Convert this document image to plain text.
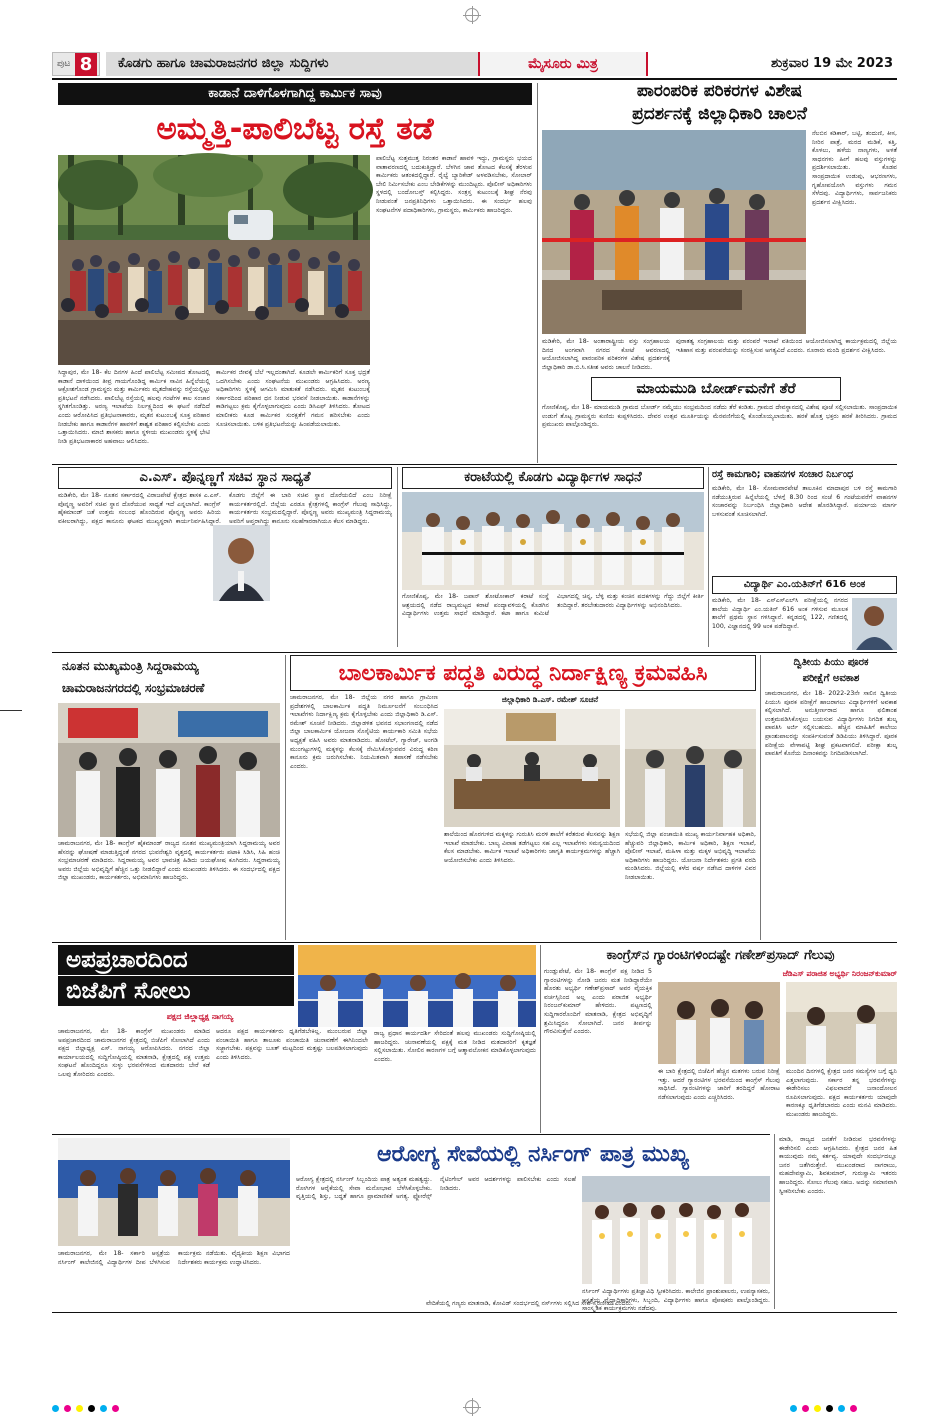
ಪುಟ 8	ಕೊಡಗು ಹಾಗೂ ಚಾಮರಾಜನಗರ ಜಿಲ್ಲಾ ಸುದ್ದಿಗಳು	ಮೈಸೂರು ಮಿತ್ರ	ಶುಕ್ರವಾರ 19 ಮೇ 2023
ಕಾಡಾನೆ ದಾಳಿಗೊಳಗಾಗಿದ್ದ ಕಾರ್ಮಿಕ ಸಾವು
ಅಮ್ಮತ್ತಿ-ಪಾಲಿಬೆಟ್ಟ ರಸ್ತೆ ತಡೆ
ಸಿದ್ದಾಪುರ, ಮೇ 18- ಕೆಲ ದಿನಗಳ ಹಿಂದೆ ಪಾಲಿಬೆಟ್ಟ ಸಮೀಪದ ತೋಟದಲ್ಲಿ ಕಾಡಾನೆ ದಾಳಿಯಿಂದ ತೀವ್ರ ಗಾಯಗೊಂಡಿದ್ದ ಕಾರ್ಮಿಕ ಸಾವಿನ ಹಿನ್ನೆಲೆಯಲ್ಲಿ ಆಕ್ರೋಶಗೊಂಡ ಗ್ರಾಮಸ್ಥರು ಮತ್ತು ಕಾರ್ಮಿಕರು ಮೃತದೇಹವನ್ನು ರಸ್ತೆಯಲ್ಲಿಟ್ಟು ಪ್ರತಿಭಟನೆ ನಡೆಸಿದರು. ಪಾಲಿಬೆಟ್ಟ ರಸ್ತೆಯಲ್ಲಿ ಹಲವು ಗಂಟೆಗಳ ಕಾಲ ಸಂಚಾರ ಸ್ಥಗಿತಗೊಂಡಿತ್ತು. ಅರಣ್ಯ ಇಲಾಖೆಯ ನಿರ್ಲಕ್ಷ್ಯದಿಂದ ಈ ಘಟನೆ ನಡೆದಿದೆ ಎಂದು ಆರೋಪಿಸಿದ ಪ್ರತಿಭಟನಾಕಾರರು, ಮೃತನ ಕುಟುಂಬಕ್ಕೆ ಸೂಕ್ತ ಪರಿಹಾರ ನೀಡಬೇಕು ಹಾಗೂ ಕಾಡಾನೆಗಳ ಹಾವಳಿಗೆ ಶಾಶ್ವತ ಪರಿಹಾರ ಕಲ್ಪಿಸಬೇಕು ಎಂದು ಒತ್ತಾಯಿಸಿದರು. ಮಾಜಿ ಶಾಸಕರು ಹಾಗೂ ಸ್ಥಳೀಯ ಮುಖಂಡರು ಸ್ಥಳಕ್ಕೆ ಭೇಟಿ ನೀಡಿ ಪ್ರತಿಭಟನಾಕಾರರ ಅಹವಾಲು ಆಲಿಸಿದರು.
ಕಾರ್ಮಿಕರ ಜೀವಕ್ಕೆ ಬೆಲೆ ಇಲ್ಲದಂತಾಗಿದೆ. ಕೂಡಲೇ ಕಾರ್ಮಿಕರಿಗೆ ಸೂಕ್ತ ಭದ್ರತೆ ಒದಗಿಸಬೇಕು ಎಂದು ಸಂಘಟನೆಯ ಮುಖಂಡರು ಆಗ್ರಹಿಸಿದರು. ಅರಣ್ಯ ಅಧಿಕಾರಿಗಳು ಸ್ಥಳಕ್ಕೆ ಆಗಮಿಸಿ ಮಾತುಕತೆ ನಡೆಸಿದರು. ಮೃತನ ಕುಟುಂಬಕ್ಕೆ ಸರ್ಕಾರದಿಂದ ಪರಿಹಾರ ಧನ ನೀಡುವ ಭರವಸೆ ನೀಡಲಾಯಿತು. ಕಾಡಾನೆಗಳನ್ನು ಕಾಡಿಗಟ್ಟಲು ಕ್ರಮ ಕೈಗೊಳ್ಳಲಾಗುವುದು ಎಂದು ಡಿಸಿಎಫ್ ತಿಳಿಸಿದರು. ತೋಟದ ಮಾಲೀಕರು ಕೂಡ ಕಾರ್ಮಿಕರ ಸುರಕ್ಷತೆಗೆ ಗಮನ ಹರಿಸಬೇಕು ಎಂದು ಸೂಚಿಸಲಾಯಿತು. ಬಳಿಕ ಪ್ರತಿಭಟನೆಯನ್ನು ಹಿಂಪಡೆಯಲಾಯಿತು.
ಪಾಲಿಬೆಟ್ಟ ಸುತ್ತಮುತ್ತ ನಿರಂತರ ಕಾಡಾನೆ ಹಾವಳಿ ಇದ್ದು, ಗ್ರಾಮಸ್ಥರು ಭಯದ ವಾತಾವರಣದಲ್ಲಿ ಬದುಕುತ್ತಿದ್ದಾರೆ. ಬೆಳಗಿನ ಜಾವ ತೋಟದ ಕೆಲಸಕ್ಕೆ ತೆರಳುವ ಕಾರ್ಮಿಕರು ಆತಂಕದಲ್ಲಿದ್ದಾರೆ. ರೈಲ್ವೆ ಬ್ಯಾರಿಕೇಡ್ ಅಳವಡಿಸಬೇಕು, ಸೋಲಾರ್ ಬೇಲಿ ನಿರ್ಮಿಸಬೇಕು ಎಂಬ ಬೇಡಿಕೆಗಳನ್ನು ಮುಂದಿಟ್ಟರು. ಪೊಲೀಸ್ ಅಧಿಕಾರಿಗಳು ಸ್ಥಳದಲ್ಲಿ ಬಂದೋಬಸ್ತ್ ಕಲ್ಪಿಸಿದ್ದರು. ಸಂತ್ರಸ್ತ ಕುಟುಂಬಕ್ಕೆ ಶೀಘ್ರ ನೆರವು ನೀಡುವಂತೆ ಜನಪ್ರತಿನಿಧಿಗಳು ಒತ್ತಾಯಿಸಿದರು. ಈ ಸಂದರ್ಭ ಹಲವು ಸಂಘಟನೆಗಳ ಪದಾಧಿಕಾರಿಗಳು, ಗ್ರಾಮಸ್ಥರು, ಕಾರ್ಮಿಕರು ಹಾಜರಿದ್ದರು.
ಪಾರಂಪರಿಕ ಪರಿಕರಗಳ ವಿಶೇಷ
ಪ್ರದರ್ಶನಕ್ಕೆ ಜಿಲ್ಲಾಧಿಕಾರಿ ಚಾಲನೆ
ನೆಲಬಿನ ಕಡಿಕಾರ್, ಬಟ್ಟಿ, ತಂದುಣಿ, ಕೀಸ, ನೀರಿನ ಪಾತ್ರೆ, ಮರದ ಮಡಿಕೆ, ಕತ್ತಿ, ಕೊಳಲು, ಹಳೆಯ ನಾಣ್ಯಗಳು, ಅಳತೆ ಸಾಧನಗಳು ಹೀಗೆ ಹಲವು ವಸ್ತುಗಳನ್ನು ಪ್ರದರ್ಶಿಸಲಾಯಿತು. ಕೊಡವ ಸಾಂಪ್ರದಾಯಿಕ ಉಡುಪು, ಆಭರಣಗಳು, ಗೃಹೋಪಯೋಗಿ ವಸ್ತುಗಳು ಗಮನ ಸೆಳೆದವು. ವಿದ್ಯಾರ್ಥಿಗಳು, ಸಾರ್ವಜನಿಕರು ಪ್ರದರ್ಶನ ವೀಕ್ಷಿಸಿದರು.
ಮಡಿಕೇರಿ, ಮೇ 18- ಅಂತಾರಾಷ್ಟ್ರೀಯ ವಸ್ತು ಸಂಗ್ರಹಾಲಯ ದಿನದ ಅಂಗವಾಗಿ ನಗರದ ಕೋಟೆ ಆವರಣದಲ್ಲಿ ಆಯೋಜಿಸಲಾಗಿದ್ದ ಪಾರಂಪರಿಕ ಪರಿಕರಗಳ ವಿಶೇಷ ಪ್ರದರ್ಶನಕ್ಕೆ ಜಿಲ್ಲಾಧಿಕಾರಿ ಡಾ.ಬಿ.ಸಿ.ಸತೀಶ ಅವರು ಚಾಲನೆ ನೀಡಿದರು.
ಪುರಾತತ್ವ ಸಂಗ್ರಹಾಲಯ ಮತ್ತು ಪರಂಪರೆ ಇಲಾಖೆ ವತಿಯಿಂದ ಆಯೋಜಿಸಲಾಗಿದ್ದ ಕಾರ್ಯಕ್ರಮದಲ್ಲಿ ಜಿಲ್ಲೆಯ ಇತಿಹಾಸ ಮತ್ತು ಪರಂಪರೆಯನ್ನು ಸಂರಕ್ಷಿಸುವ ಅಗತ್ಯವಿದೆ ಎಂದರು. ನೂರಾರು ಮಂದಿ ಪ್ರದರ್ಶನ ವೀಕ್ಷಿಸಿದರು.
ಮಾಯಮುಡಿ ಬೋರ್ಡ್‌ಮನೆಗೆ ತೆರೆ
ಗೋಣಿಕೊಪ್ಪ, ಮೇ 18- ಮಾಯಮುಡಿ ಗ್ರಾಮದ ಬೋರ್ಡ್ ನಮ್ಮೆಯು ಸಂಭ್ರಮದಿಂದ ನಡೆದು ತೆರೆ ಕಂಡಿತು. ಗ್ರಾಮದ ದೇವಸ್ಥಾನದಲ್ಲಿ ವಿಶೇಷ ಪೂಜೆ ಸಲ್ಲಿಸಲಾಯಿತು. ಸಾಂಪ್ರದಾಯಿಕ ಉಡುಗೆ ತೊಟ್ಟ ಗ್ರಾಮಸ್ಥರು ಕುಣಿದು ಕುಪ್ಪಳಿಸಿದರು. ದೇವರ ಉತ್ಸವ ಮೂರ್ತಿಯನ್ನು ಮೆರವಣಿಗೆಯಲ್ಲಿ ಕೊಂಡೊಯ್ಯಲಾಯಿತು. ಹರಕೆ ಹೊತ್ತ ಭಕ್ತರು ಹರಕೆ ತೀರಿಸಿದರು. ಗ್ರಾಮದ ಪ್ರಮುಖರು ಪಾಲ್ಗೊಂಡಿದ್ದರು.
ಎ.ಎಸ್. ಪೊನ್ನಣ್ಣಗೆ ಸಚಿವ ಸ್ಥಾನ ಸಾಧ್ಯತೆ
ಮಡಿಕೇರಿ, ಮೇ 18- ನೂತನ ಸರ್ಕಾರದಲ್ಲಿ ವಿರಾಜಪೇಟೆ ಕ್ಷೇತ್ರದ ಶಾಸಕ ಎ.ಎಸ್. ಪೊನ್ನಣ್ಣ ಅವರಿಗೆ ಸಚಿವ ಸ್ಥಾನ ದೊರೆಯುವ ಸಾಧ್ಯತೆ ಇದೆ ಎನ್ನಲಾಗಿದೆ. ಕಾಂಗ್ರೆಸ್ ಹೈಕಮಾಂಡ್ ಜತೆ ಉತ್ತಮ ಸಂಬಂಧ ಹೊಂದಿರುವ ಪೊನ್ನಣ್ಣ ಅವರು ಹಿರಿಯ ವಕೀಲರಾಗಿದ್ದು, ಪಕ್ಷದ ಕಾನೂನು ಘಟಕದ ಮುಖ್ಯಸ್ಥರಾಗಿ ಕಾರ್ಯನಿರ್ವಹಿಸಿದ್ದಾರೆ. ಕೊಡಗು ಜಿಲ್ಲೆಗೆ ಈ ಬಾರಿ ಸಚಿವ ಸ್ಥಾನ ದೊರೆಯಲಿದೆ ಎಂಬ ನಿರೀಕ್ಷೆ ಕಾರ್ಯಕರ್ತರಲ್ಲಿದೆ. ಜಿಲ್ಲೆಯ ಎರಡೂ ಕ್ಷೇತ್ರಗಳಲ್ಲಿ ಕಾಂಗ್ರೆಸ್ ಗೆಲುವು ಸಾಧಿಸಿದ್ದು, ಕಾರ್ಯಕರ್ತರು ಸಂಭ್ರಮದಲ್ಲಿದ್ದಾರೆ. ಪೊನ್ನಣ್ಣ ಅವರು ಮುಖ್ಯಮಂತ್ರಿ ಸಿದ್ದರಾಮಯ್ಯ ಅವರಿಗೆ ಆಪ್ತರಾಗಿದ್ದು ಕಾನೂನು ಸಲಹೆಗಾರರಾಗಿಯೂ ಕೆಲಸ ಮಾಡಿದ್ದರು.
ಕರಾಟೆಯಲ್ಲಿ ಕೊಡಗು ವಿದ್ಯಾರ್ಥಿಗಳ ಸಾಧನೆ
ಗೋಣಿಕೊಪ್ಪ, ಮೇ 18- ಜಪಾನ್ ಶೋಟೋಕಾನ್ ಕರಾಟೆ ಸಂಸ್ಥೆ ಆಶ್ರಯದಲ್ಲಿ ನಡೆದ ರಾಜ್ಯಮಟ್ಟದ ಕರಾಟೆ ಪಂದ್ಯಾವಳಿಯಲ್ಲಿ ಕೊಡಗಿನ ವಿದ್ಯಾರ್ಥಿಗಳು ಉತ್ತಮ ಸಾಧನೆ ಮಾಡಿದ್ದಾರೆ. ಕಟಾ ಹಾಗೂ ಕುಮಿಟೆ ವಿಭಾಗದಲ್ಲಿ ಚಿನ್ನ, ಬೆಳ್ಳಿ ಮತ್ತು ಕಂಚಿನ ಪದಕಗಳನ್ನು ಗೆದ್ದು ಜಿಲ್ಲೆಗೆ ಕೀರ್ತಿ ತಂದಿದ್ದಾರೆ. ತರಬೇತುದಾರರು ವಿದ್ಯಾರ್ಥಿಗಳನ್ನು ಅಭಿನಂದಿಸಿದರು.
ರಸ್ತೆ ಕಾಮಗಾರಿ; ವಾಹನಗಳ ಸಂಚಾರ ನಿರ್ಬಂಧ
ಮಡಿಕೇರಿ, ಮೇ 18- ಸೋಮವಾರಪೇಟೆ ತಾಲೂಕಿನ ಮಾದಾಪುರ ಬಳಿ ರಸ್ತೆ ಕಾಮಗಾರಿ ನಡೆಯುತ್ತಿರುವ ಹಿನ್ನೆಲೆಯಲ್ಲಿ ಬೆಳಗ್ಗೆ 8.30 ರಿಂದ ಸಂಜೆ 6 ಗಂಟೆಯವರೆಗೆ ವಾಹನಗಳ ಸಂಚಾರವನ್ನು ನಿರ್ಬಂಧಿಸಿ ಜಿಲ್ಲಾಧಿಕಾರಿ ಆದೇಶ ಹೊರಡಿಸಿದ್ದಾರೆ. ಪರ್ಯಾಯ ಮಾರ್ಗ ಬಳಸುವಂತೆ ಸೂಚಿಸಲಾಗಿದೆ.
ವಿದ್ಯಾರ್ಥಿ ಎಂ.ಯತಿನ್‌ಗೆ 616 ಅಂಕ
ಮಡಿಕೇರಿ, ಮೇ 18- ಎಸ್‌ಎಸ್‌ಎಲ್‌ಸಿ ಪರೀಕ್ಷೆಯಲ್ಲಿ ನಗರದ ಶಾಲೆಯ ವಿದ್ಯಾರ್ಥಿ ಎಂ.ಯತಿನ್ 616 ಅಂಕ ಗಳಿಸುವ ಮೂಲಕ ಶಾಲೆಗೆ ಪ್ರಥಮ ಸ್ಥಾನ ಗಳಿಸಿದ್ದಾನೆ. ಕನ್ನಡದಲ್ಲಿ 122, ಗಣಿತದಲ್ಲಿ 100, ವಿಜ್ಞಾನದಲ್ಲಿ 99 ಅಂಕ ಪಡೆದಿದ್ದಾನೆ.
ನೂತನ ಮುಖ್ಯಮಂತ್ರಿ ಸಿದ್ದರಾಮಯ್ಯ
ಚಾಮರಾಜನಗರದಲ್ಲಿ ಸಂಭ್ರಮಾಚರಣೆ
ಚಾಮರಾಜನಗರ, ಮೇ 18- ಕಾಂಗ್ರೆಸ್ ಹೈಕಮಾಂಡ್ ರಾಜ್ಯದ ನೂತನ ಮುಖ್ಯಮಂತ್ರಿಯಾಗಿ ಸಿದ್ದರಾಮಯ್ಯ ಅವರ ಹೆಸರನ್ನು ಘೋಷಣೆ ಮಾಡುತ್ತಿದ್ದಂತೆ ನಗರದ ಭುವನೇಶ್ವರಿ ವೃತ್ತದಲ್ಲಿ ಕಾರ್ಯಕರ್ತರು ಪಟಾಕಿ ಸಿಡಿಸಿ, ಸಿಹಿ ಹಂಚಿ ಸಂಭ್ರಮಾಚರಣೆ ಮಾಡಿದರು. ಸಿದ್ದರಾಮಯ್ಯ ಅವರ ಭಾವಚಿತ್ರ ಹಿಡಿದು ಜಯಘೋಷ ಕೂಗಿದರು. ಸಿದ್ದರಾಮಯ್ಯ ಅವರು ಜಿಲ್ಲೆಯ ಅಭಿವೃದ್ಧಿಗೆ ಹೆಚ್ಚಿನ ಒತ್ತು ನೀಡಲಿದ್ದಾರೆ ಎಂದು ಮುಖಂಡರು ತಿಳಿಸಿದರು. ಈ ಸಂದರ್ಭದಲ್ಲಿ ಪಕ್ಷದ ಜಿಲ್ಲಾ ಮುಖಂಡರು, ಕಾರ್ಯಕರ್ತರು, ಅಭಿಮಾನಿಗಳು ಹಾಜರಿದ್ದರು.
ಬಾಲಕಾರ್ಮಿಕ ಪದ್ಧತಿ ವಿರುದ್ಧ ನಿರ್ದಾಕ್ಷಿಣ್ಯ ಕ್ರಮವಹಿಸಿ
ಜಿಲ್ಲಾಧಿಕಾರಿ ಡಿ.ಎಸ್. ರಮೇಶ್ ಸೂಚನೆ
ಚಾಮರಾಜನಗರ, ಮೇ 18- ಜಿಲ್ಲೆಯ ನಗರ ಹಾಗೂ ಗ್ರಾಮೀಣ ಪ್ರದೇಶಗಳಲ್ಲಿ ಬಾಲಕಾರ್ಮಿಕ ಪದ್ಧತಿ ನಿರ್ಮೂಲನೆಗೆ ಸಂಬಂಧಿಸಿದ ಇಲಾಖೆಗಳು ನಿರ್ದಾಕ್ಷಿಣ್ಯ ಕ್ರಮ ಕೈಗೊಳ್ಳಬೇಕು ಎಂದು ಜಿಲ್ಲಾಧಿಕಾರಿ ಡಿ.ಎಸ್. ರಮೇಶ್ ಸೂಚನೆ ನೀಡಿದರು. ಜಿಲ್ಲಾಡಳಿತ ಭವನದ ಸಭಾಂಗಣದಲ್ಲಿ ನಡೆದ ಜಿಲ್ಲಾ ಬಾಲಕಾರ್ಮಿಕ ಯೋಜನಾ ಸೊಸೈಟಿಯ ಕಾರ್ಯಕಾರಿ ಸಮಿತಿ ಸಭೆಯ ಅಧ್ಯಕ್ಷತೆ ವಹಿಸಿ ಅವರು ಮಾತನಾಡಿದರು. ಹೋಟೆಲ್, ಗ್ಯಾರೇಜ್, ಅಂಗಡಿ ಮುಂಗಟ್ಟುಗಳಲ್ಲಿ ಮಕ್ಕಳನ್ನು ಕೆಲಸಕ್ಕೆ ನೇಮಿಸಿಕೊಳ್ಳುವವರ ವಿರುದ್ಧ ಕಠಿಣ ಕಾನೂನು ಕ್ರಮ ಜರುಗಿಸಬೇಕು. ನಿಯಮಿತವಾಗಿ ತಪಾಸಣೆ ನಡೆಸಬೇಕು ಎಂದರು.
ಶಾಲೆಯಿಂದ ಹೊರಗುಳಿದ ಮಕ್ಕಳನ್ನು ಗುರುತಿಸಿ ಮರಳಿ ಶಾಲೆಗೆ ಕರೆತರುವ ಕೆಲಸವನ್ನು ಶಿಕ್ಷಣ ಇಲಾಖೆ ಮಾಡಬೇಕು. ಬಾಲ್ಯ ವಿವಾಹ ತಡೆಗಟ್ಟಲು ಸಹ ಎಲ್ಲ ಇಲಾಖೆಗಳು ಸಮನ್ವಯದಿಂದ ಕೆಲಸ ಮಾಡಬೇಕು. ಕಾರ್ಮಿಕ ಇಲಾಖೆ ಅಧಿಕಾರಿಗಳು ಜಾಗೃತಿ ಕಾರ್ಯಕ್ರಮಗಳನ್ನು ಹೆಚ್ಚಾಗಿ ಆಯೋಜಿಸಬೇಕು ಎಂದು ತಿಳಿಸಿದರು.
ಸಭೆಯಲ್ಲಿ ಜಿಲ್ಲಾ ಪಂಚಾಯಿತಿ ಮುಖ್ಯ ಕಾರ್ಯನಿರ್ವಾಹಕ ಅಧಿಕಾರಿ, ಹೆಚ್ಚುವರಿ ಜಿಲ್ಲಾಧಿಕಾರಿ, ಕಾರ್ಮಿಕ ಅಧಿಕಾರಿ, ಶಿಕ್ಷಣ ಇಲಾಖೆ, ಪೊಲೀಸ್ ಇಲಾಖೆ, ಮಹಿಳಾ ಮತ್ತು ಮಕ್ಕಳ ಅಭಿವೃದ್ಧಿ ಇಲಾಖೆಯ ಅಧಿಕಾರಿಗಳು ಹಾಜರಿದ್ದರು. ಯೋಜನಾ ನಿರ್ದೇಶಕರು ಪ್ರಗತಿ ವರದಿ ಮಂಡಿಸಿದರು. ಜಿಲ್ಲೆಯಲ್ಲಿ ಕಳೆದ ವರ್ಷ ನಡೆಸಿದ ದಾಳಿಗಳ ವಿವರ ನೀಡಲಾಯಿತು.
ದ್ವಿತೀಯ ಪಿಯು ಪೂರಕ
ಪರೀಕ್ಷೆಗೆ ಅವಕಾಶ
ಚಾಮರಾಜನಗರ, ಮೇ 18- 2022-23ನೇ ಸಾಲಿನ ದ್ವಿತೀಯ ಪಿಯುಸಿ ಪೂರಕ ಪರೀಕ್ಷೆಗೆ ಹಾಜರಾಗಲು ವಿದ್ಯಾರ್ಥಿಗಳಿಗೆ ಅವಕಾಶ ಕಲ್ಪಿಸಲಾಗಿದೆ. ಅನುತ್ತೀರ್ಣರಾದ ಹಾಗೂ ಫಲಿತಾಂಶ ಉತ್ತಮಪಡಿಸಿಕೊಳ್ಳಲು ಬಯಸುವ ವಿದ್ಯಾರ್ಥಿಗಳು ನಿಗದಿತ ಶುಲ್ಕ ಪಾವತಿಸಿ ಅರ್ಜಿ ಸಲ್ಲಿಸಬಹುದು. ಹೆಚ್ಚಿನ ಮಾಹಿತಿಗೆ ಕಾಲೇಜು ಪ್ರಾಂಶುಪಾಲರನ್ನು ಸಂಪರ್ಕಿಸುವಂತೆ ಡಿಡಿಪಿಯು ತಿಳಿಸಿದ್ದಾರೆ. ಪೂರಕ ಪರೀಕ್ಷೆಯ ವೇಳಾಪಟ್ಟಿ ಶೀಘ್ರ ಪ್ರಕಟವಾಗಲಿದೆ. ಪರೀಕ್ಷಾ ಶುಲ್ಕ ಪಾವತಿಗೆ ಕೊನೆಯ ದಿನಾಂಕವನ್ನು ನಿಗದಿಪಡಿಸಲಾಗಿದೆ.
ಅಪಪ್ರಚಾರದಿಂದ
ಬಿಜೆಪಿಗೆ ಸೋಲು
ಪಕ್ಷದ ಜಿಲ್ಲಾಧ್ಯಕ್ಷ ನಾಗಯ್ಯ
ಚಾಮರಾಜನಗರ, ಮೇ 18- ಕಾಂಗ್ರೆಸ್ ಮುಖಂಡರು ಮಾಡಿದ ಅಪಪ್ರಚಾರದಿಂದ ಚಾಮರಾಜನಗರ ಕ್ಷೇತ್ರದಲ್ಲಿ ಬಿಜೆಪಿಗೆ ಸೋಲಾಗಿದೆ ಎಂದು ಪಕ್ಷದ ಜಿಲ್ಲಾಧ್ಯಕ್ಷ ಎಸ್. ನಾಗಯ್ಯ ಆರೋಪಿಸಿದರು. ನಗರದ ಜಿಲ್ಲಾ ಕಾರ್ಯಾಲಯದಲ್ಲಿ ಸುದ್ದಿಗೋಷ್ಠಿಯಲ್ಲಿ ಮಾತನಾಡಿ, ಕ್ಷೇತ್ರದಲ್ಲಿ ಪಕ್ಷ ಉತ್ತಮ ಸಂಘಟನೆ ಹೊಂದಿದ್ದರೂ ಸುಳ್ಳು ಭರವಸೆಗಳಿಂದ ಮತದಾರರು ಬೇರೆ ಕಡೆ ಒಲವು ತೋರಿದರು ಎಂದರು.
ಆದರೂ ಪಕ್ಷದ ಕಾರ್ಯಕರ್ತರು ಧೃತಿಗೆಡಬೇಕಿಲ್ಲ. ಮುಂಬರುವ ಜಿಲ್ಲಾ ಪಂಚಾಯಿತಿ ಹಾಗೂ ತಾಲೂಕು ಪಂಚಾಯಿತಿ ಚುನಾವಣೆಗೆ ಈಗಿನಿಂದಲೇ ಸಜ್ಜಾಗಬೇಕು. ಪಕ್ಷವನ್ನು ಬೂತ್ ಮಟ್ಟದಿಂದ ಮತ್ತಷ್ಟು ಬಲಪಡಿಸಲಾಗುವುದು ಎಂದು ತಿಳಿಸಿದರು.
ರಾಜ್ಯ ಪ್ರಧಾನ ಕಾರ್ಯದರ್ಶಿ ಸೇರಿದಂತೆ ಹಲವು ಮುಖಂಡರು ಸುದ್ದಿಗೋಷ್ಠಿಯಲ್ಲಿ ಹಾಜರಿದ್ದರು. ಚುನಾವಣೆಯಲ್ಲಿ ಪಕ್ಷಕ್ಕೆ ಮತ ನೀಡಿದ ಮತದಾರರಿಗೆ ಕೃತಜ್ಞತೆ ಸಲ್ಲಿಸಲಾಯಿತು. ಸೋಲಿನ ಕಾರಣಗಳ ಬಗ್ಗೆ ಆತ್ಮಾವಲೋಕನ ಮಾಡಿಕೊಳ್ಳಲಾಗುವುದು ಎಂದರು.
ಕಾಂಗ್ರೆಸ್‌ನ ಗ್ಯಾರಂಟಿಗಳಿಂದಷ್ಟೇ ಗಣೇಶ್‌ಪ್ರಸಾದ್ ಗೆಲುವು
ಜೆಡಿಎಸ್ ಪರಾಜಿತ ಅಭ್ಯರ್ಥಿ ನಿರಂಜನ್‌ಕುಮಾರ್
ಗುಂಡ್ಲುಪೇಟೆ, ಮೇ 18- ಕಾಂಗ್ರೆಸ್ ಪಕ್ಷ ನೀಡಿದ 5 ಗ್ಯಾರಂಟಿಗಳನ್ನು ನೋಡಿ ಜನರು ಮತ ನೀಡಿದ್ದಾರೆಯೇ ಹೊರತು ಅಭ್ಯರ್ಥಿ ಗಣೇಶ್‌ಪ್ರಸಾದ್ ಅವರ ವೈಯಕ್ತಿಕ ವರ್ಚಸ್ಸಿನಿಂದ ಅಲ್ಲ ಎಂದು ಪರಾಜಿತ ಅಭ್ಯರ್ಥಿ ನಿರಂಜನ್‌ಕುಮಾರ್ ಹೇಳಿದರು. ಪಟ್ಟಣದಲ್ಲಿ ಸುದ್ದಿಗಾರರೊಂದಿಗೆ ಮಾತನಾಡಿ, ಕ್ಷೇತ್ರದ ಅಭಿವೃದ್ಧಿಗೆ ಶ್ರಮಿಸಿದ್ದರೂ ಸೋಲಾಗಿದೆ. ಜನರ ತೀರ್ಪನ್ನು ಗೌರವಿಸುತ್ತೇನೆ ಎಂದರು.
ಈ ಬಾರಿ ಕ್ಷೇತ್ರದಲ್ಲಿ ಬಿಜೆಪಿಗೆ ಹೆಚ್ಚಿನ ಮತಗಳು ಬರುವ ನಿರೀಕ್ಷೆ ಇತ್ತು. ಆದರೆ ಗ್ಯಾರಂಟಿಗಳ ಭರವಸೆಯಿಂದ ಕಾಂಗ್ರೆಸ್ ಗೆಲುವು ಸಾಧಿಸಿದೆ. ಗ್ಯಾರಂಟಿಗಳನ್ನು ಜಾರಿಗೆ ತರದಿದ್ದರೆ ಹೋರಾಟ ನಡೆಸಲಾಗುವುದು ಎಂದು ಎಚ್ಚರಿಸಿದರು.
ಮುಂದಿನ ದಿನಗಳಲ್ಲಿ ಕ್ಷೇತ್ರದ ಜನರ ಸಮಸ್ಯೆಗಳ ಬಗ್ಗೆ ಧ್ವನಿ ಎತ್ತಲಾಗುವುದು. ಸರ್ಕಾರ ತನ್ನ ಭರವಸೆಗಳನ್ನು ಈಡೇರಿಸಲು ವಿಫಲವಾದರೆ ಜನಾಂದೋಲನ ರೂಪಿಸಲಾಗುವುದು. ಪಕ್ಷದ ಕಾರ್ಯಕರ್ತರು ಯಾವುದೇ ಕಾರಣಕ್ಕೂ ಧೃತಿಗೆಡಬಾರದು ಎಂದು ಮನವಿ ಮಾಡಿದರು. ಮುಖಂಡರು ಹಾಜರಿದ್ದರು.
ಆರೋಗ್ಯ ಸೇವೆಯಲ್ಲಿ ನರ್ಸಿಂಗ್ ಪಾತ್ರ ಮುಖ್ಯ
ಆರೋಗ್ಯ ಕ್ಷೇತ್ರದಲ್ಲಿ ನರ್ಸಿಂಗ್ ಸಿಬ್ಬಂದಿಯ ಪಾತ್ರ ಅತ್ಯಂತ ಮಹತ್ವದ್ದು. ರೋಗಿಗಳ ಆರೈಕೆಯಲ್ಲಿ ಸೇವಾ ಮನೋಭಾವ ಬೆಳೆಸಿಕೊಳ್ಳಬೇಕು. ವೃತ್ತಿಯಲ್ಲಿ ಶಿಸ್ತು, ಬದ್ಧತೆ ಹಾಗೂ ಪ್ರಾಮಾಣಿಕತೆ ಅಗತ್ಯ. ಫ್ಲೋರೆನ್ಸ್ ನೈಟಿಂಗೇಲ್ ಅವರ ಆದರ್ಶಗಳನ್ನು ಪಾಲಿಸಬೇಕು ಎಂದು ಸಲಹೆ ನೀಡಿದರು.
ಚಾಮರಾಜನಗರ, ಮೇ 18- ಸರ್ಕಾರಿ ಆಸ್ಪತ್ರೆಯ ನರ್ಸಿಂಗ್ ಕಾಲೇಜಿನಲ್ಲಿ ವಿದ್ಯಾರ್ಥಿಗಳ ದೀಪ ಬೆಳಗಿಸುವ ಕಾರ್ಯಕ್ರಮ ನಡೆಯಿತು. ವೈದ್ಯಕೀಯ ಶಿಕ್ಷಣ ವಿಭಾಗದ ನಿರ್ದೇಶಕರು ಕಾರ್ಯಕ್ರಮ ಉದ್ಘಾಟಿಸಿದರು.
ನರ್ಸಿಂಗ್ ವಿದ್ಯಾರ್ಥಿಗಳು ಪ್ರತಿಜ್ಞಾವಿಧಿ ಸ್ವೀಕರಿಸಿದರು. ಕಾಲೇಜಿನ ಪ್ರಾಂಶುಪಾಲರು, ಉಪನ್ಯಾಸಕರು, ಆಸ್ಪತ್ರೆಯ ವೈದ್ಯಾಧಿಕಾರಿಗಳು, ಸಿಬ್ಬಂದಿ, ವಿದ್ಯಾರ್ಥಿಗಳು ಹಾಗೂ ಪೋಷಕರು ಪಾಲ್ಗೊಂಡಿದ್ದರು. ಸಾಂಸ್ಕೃತಿಕ ಕಾರ್ಯಕ್ರಮಗಳು ನಡೆದವು.
ವೇದಿಕೆಯಲ್ಲಿ ಗಣ್ಯರು ಮಾತನಾಡಿ, ಕೋವಿಡ್ ಸಂದರ್ಭದಲ್ಲಿ ನರ್ಸ್‌ಗಳು ಸಲ್ಲಿಸಿದ ಸೇವೆ ಸ್ಮರಣೀಯ ಎಂದರು.
ಮಾಡಿ, ರಾಜ್ಯದ ಜನತೆಗೆ ನೀಡಿರುವ ಭರವಸೆಗಳನ್ನು ಈಡೇರಿಸಲಿ ಎಂದು ಆಗ್ರಹಿಸಿದರು. ಕ್ಷೇತ್ರದ ಜನರ ಹಿತ ಕಾಯುವುದು ನಮ್ಮ ಕರ್ತವ್ಯ. ಯಾವುದೇ ಸಂದರ್ಭದಲ್ಲೂ ಜನರ ಜತೆಗಿರುತ್ತೇನೆ. ಮುಖಂಡರಾದ ನಾಗರಾಜು, ಮಹದೇವಸ್ವಾಮಿ, ಶಿವಕುಮಾರ್, ಗುರುಸ್ವಾಮಿ ಇತರರು ಹಾಜರಿದ್ದರು. ಸೋಲು ಗೆಲುವು ಸಹಜ. ಅದನ್ನು ಸಮಾನವಾಗಿ ಸ್ವೀಕರಿಸಬೇಕು ಎಂದರು.
